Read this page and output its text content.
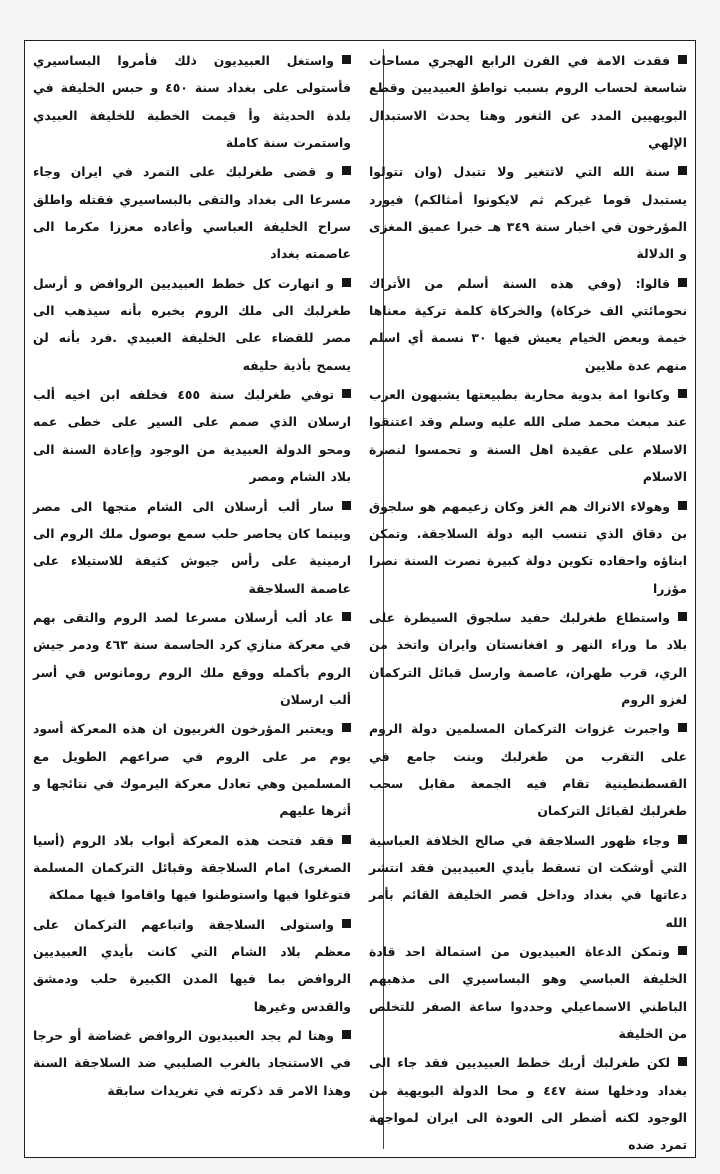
فقدت الامة في القرن الرابع الهجري مساحات شاسعة لحساب الروم بسبب تواطؤ العبيديين وقطع البويهيين المدد عن الثغور وهنا يحدث الاستبدال الإلهي

سنة الله التي لاتتغير ولا تتبدل (وان تتولوا يستبدل قوما غيركم ثم لايكونوا أمثالكم) فيورد المؤرخون في اخبار سنة ٣٤٩ هـ خبرا عميق المغزى و الدلالة

قالوا: (وفي هذه السنة أسلم من الأتراك نحومائتي الف خركاة) والخركاة كلمة تركية معناها خيمة وبعض الخيام يعيش فيها ٣٠ نسمة أي اسلم منهم عدة ملايين

وكانوا امة بدوية محاربة بطبيعتها يشبهون العرب عند مبعث محمد صلى الله عليه وسلم وقد اعتنقوا الاسلام على عقيدة اهل السنة و تحمسوا لنصرة الاسلام

وهولاء الاتراك هم الغز وكان زعيمهم هو سلجوق بن دقاق الذي تنسب اليه دولة السلاجقة. وتمكن ابناؤه واحفاده تكوين دولة كبيرة نصرت السنة نصرا مؤزرا

واستطاع طغرلبك حفيد سلجوق السيطرة على بلاد ما وراء النهر و افغانستان وايران واتخذ من الري، قرب طهران، عاصمة وارسل قبائل التركمان لغزو الروم

واجبرت غزوات التركمان المسلمين دولة الروم على التقرب من طغرلبك وبنت جامع في القسطنطينية تقام فيه الجمعة مقابل سحب طغرلبك لقبائل التركمان

وجاء ظهور السلاجقة في صالح الخلافة العباسية التي أوشكت ان تسقط بأيدي العبيديين فقد انتشر دعاتها في بغداد وداخل قصر الخليفة القائم بأمر الله

وتمكن الدعاة العبيديون من استمالة احد قادة الخليفة العباسي وهو البساسيري الى مذهبهم الباطني الاسماعيلي وحددوا ساعة الصفر للتخلص من الخليفة

لكن طغرلبك أربك خطط العبيديين فقد جاء الى بغداد ودخلها سنة ٤٤٧ و محا الدولة البويهية من الوجود لكنه أضطر الى العودة الى ايران لمواجهة تمرد ضده

واستغل العبيديون ذلك فأمروا البساسيري فأستولى على بغداد سنة ٤٥٠ و حبس الخليفة في بلدة الحديثة وأ قيمت الخطبة للخليفة العبيدي واستمرت سنة كاملة

و قضى طغرلبك على التمرد في ايران وجاء مسرعا الى بغداد والتقى بالبساسيري فقتله واطلق سراح الخليفة العباسي وأعاده معززا مكرما الى عاصمته بغداد

و انهارت كل خطط العبيديين الروافض و أرسل طغرلبك الى ملك الروم يخبره بأنه سيذهب الى مصر للقضاء على الخليفة العبيدي .فرد بأنه لن يسمح بأذية حليفه

توفي طغرلبك سنة ٤٥٥ فخلفه ابن اخيه ألب ارسلان الذي صمم على السير على خطى عمه ومحو الدولة العبيدية من الوجود وإعادة السنة الى بلاد الشام ومصر

سار ألب أرسلان الى الشام متجها الى مصر وبينما كان يحاصر حلب سمع بوصول ملك الروم الى ارمينية على رأس جيوش كثيفة للاستيلاء على عاصمة السلاجقة

عاد ألب أرسلان مسرعا لصد الروم والتقى بهم في معركة منازي كرد الحاسمة سنة ٤٦٣ ودمر جيش الروم بأكمله ووقع ملك الروم رومانوس في أسر ألب ارسلان

ويعتبر المؤرخون الغربيون ان هذه المعركة أسود يوم مر على الروم في صراعهم الطويل مع المسلمين وهي تعادل معركة اليرموك في نتائجها و أثرها عليهم

فقد فتحت هذه المعركة أبواب بلاد الروم (أسيا الصغرى) امام السلاجقة وقبائل التركمان المسلمة فتوغلوا فيها واستوطنوا فيها واقاموا فيها مملكة

واستولى السلاجقة واتباعهم التركمان على معظم بلاد الشام التي كانت بأيدي العبيديين الروافض بما فيها المدن الكبيرة حلب ودمشق والقدس وغيرها

وهنا لم يجد العبيديون الروافض غضاضة أو حرجا في الاستنجاد بالغرب الصليبي ضد السلاجقة السنة وهذا الامر قد ذكرته في تغريدات سابقة
